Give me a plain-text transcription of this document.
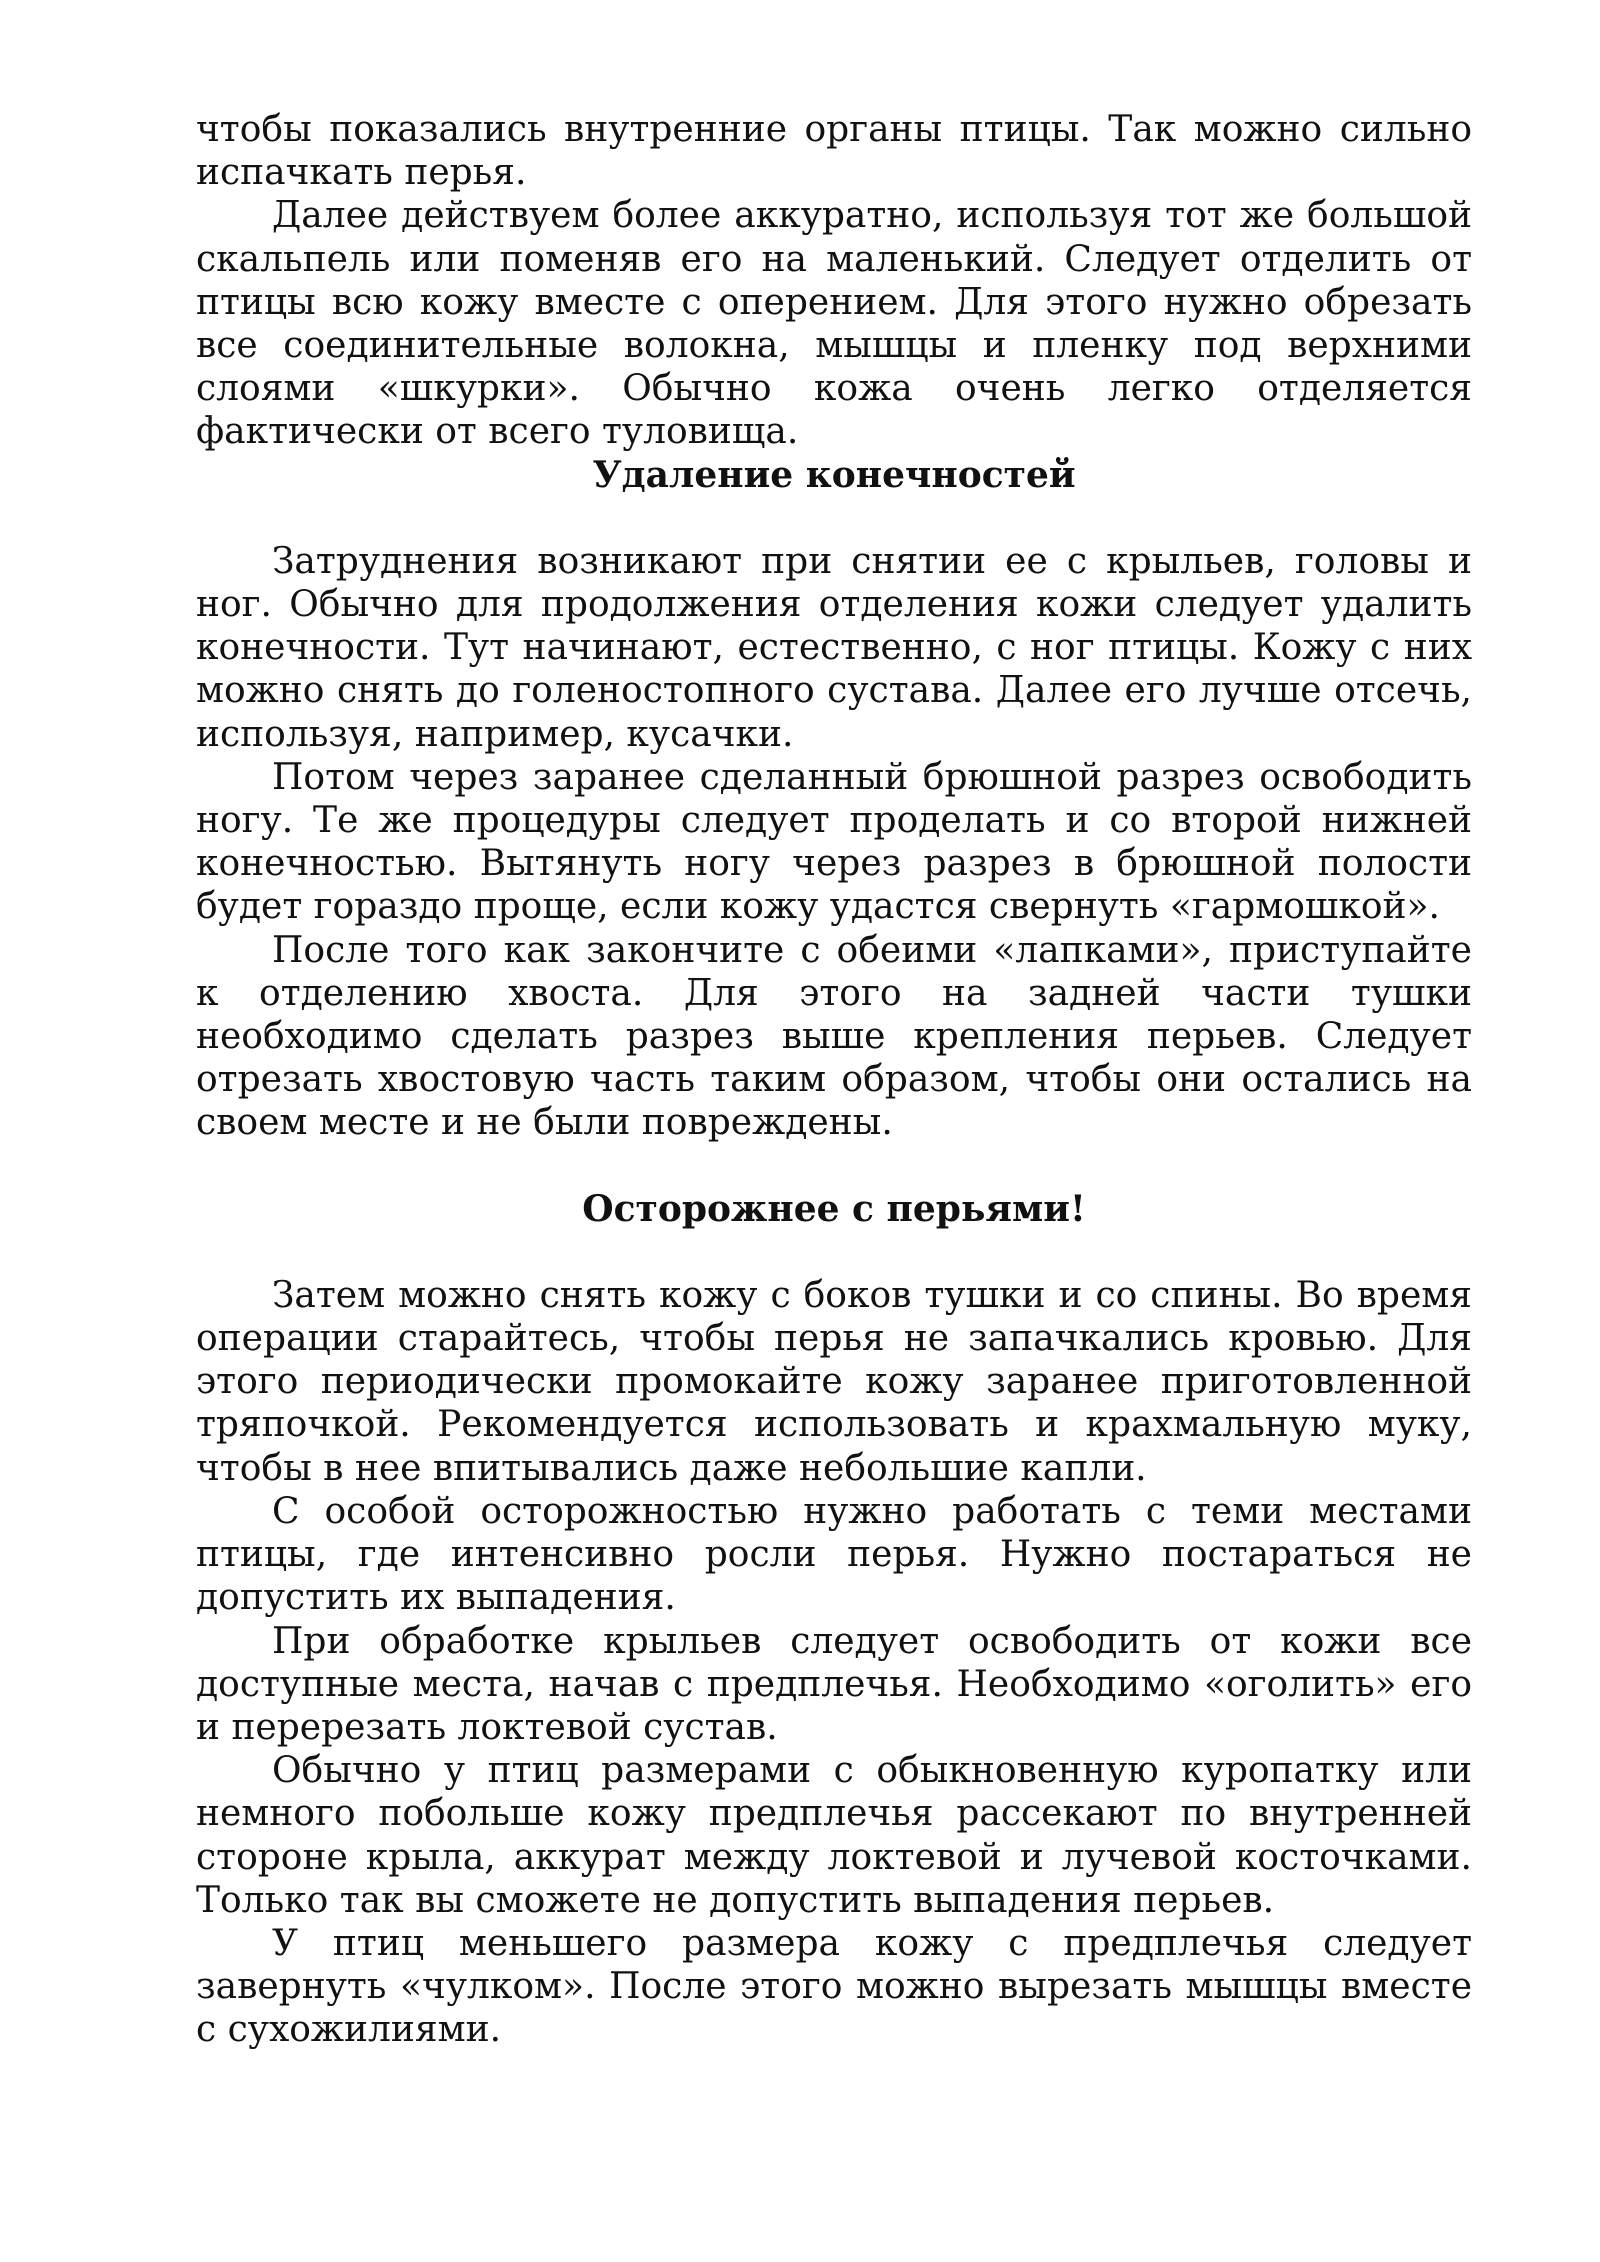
чтобы показались внутренние органы птицы. Так можно сильно испачкать перья.

Далее действуем более аккуратно, используя тот же большой скальпель или поменяв его на маленький. Следует отделить от птицы всю кожу вместе с оперением. Для этого нужно обрезать все соединительные волокна, мышцы и пленку под верхними слоями «шкурки». Обычно кожа очень легко отделяется фактически от всего туловища.

Удаление конечностей

Затруднения возникают при снятии ее с крыльев, головы и ног. Обычно для продолжения отделения кожи следует удалить конечности. Тут начинают, естественно, с ног птицы. Кожу с них можно снять до голеностопного сустава. Далее его лучше отсечь, используя, например, кусачки.

Потом через заранее сделанный брюшной разрез освободить ногу. Те же процедуры следует проделать и со второй нижней конечностью. Вытянуть ногу через разрез в брюшной полости будет гораздо проще, если кожу удастся свернуть «гармошкой».

После того как закончите с обеими «лапками», приступайте к отделению хвоста. Для этого на задней части тушки необходимо сделать разрез выше крепления перьев. Следует отрезать хвостовую часть таким образом, чтобы они остались на своем месте и не были повреждены.

Осторожнее с перьями!

Затем можно снять кожу с боков тушки и со спины. Во время операции старайтесь, чтобы перья не запачкались кровью. Для этого периодически промокайте кожу заранее приготовленной тряпочкой. Рекомендуется использовать и крахмальную муку, чтобы в нее впитывались даже небольшие капли.

С особой осторожностью нужно работать с теми местами птицы, где интенсивно росли перья. Нужно постараться не допустить их выпадения.

При обработке крыльев следует освободить от кожи все доступные места, начав с предплечья. Необходимо «оголить» его и перерезать локтевой сустав.

Обычно у птиц размерами с обыкновенную куропатку или немного побольше кожу предплечья рассекают по внутренней стороне крыла, аккурат между локтевой и лучевой косточками. Только так вы сможете не допустить выпадения перьев.

У птиц меньшего размера кожу с предплечья следует завернуть «чулком». После этого можно вырезать мышцы вместе с сухожилиями.
